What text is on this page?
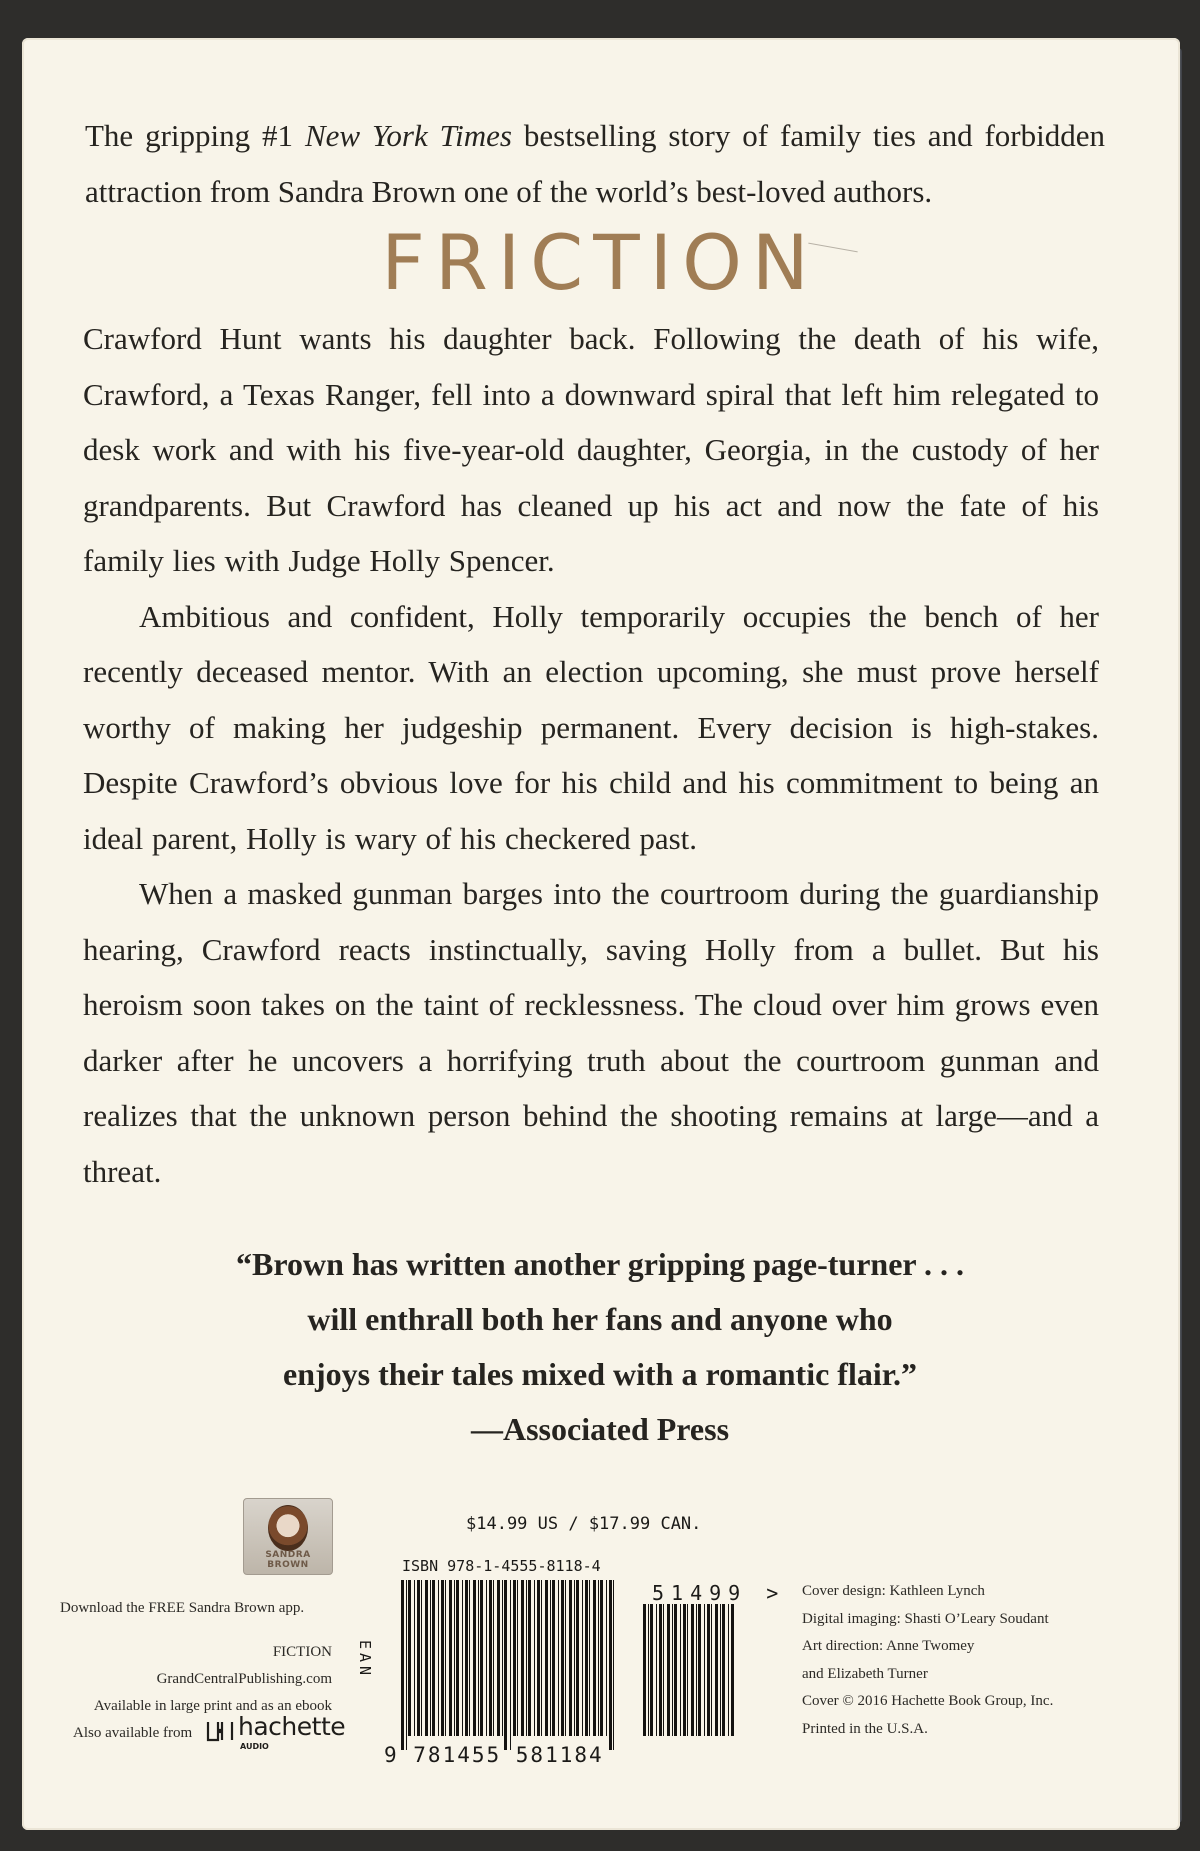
The gripping #1 New York Times bestselling story of family ties and forbidden attraction from Sandra Brown one of the world’s best-loved authors.

FRICTION

Crawford Hunt wants his daughter back. Following the death of his wife, Crawford, a Texas Ranger, fell into a downward spiral that left him relegated to desk work and with his five-year-old daughter, Georgia, in the custody of her grandparents. But Crawford has cleaned up his act and now the fate of his family lies with Judge Holly Spencer.

Ambitious and confident, Holly temporarily occupies the bench of her recently deceased mentor. With an election upcoming, she must prove herself worthy of making her judgeship permanent. Every decision is high-stakes. Despite Crawford’s obvious love for his child and his commitment to being an ideal parent, Holly is wary of his checkered past.

When a masked gunman barges into the courtroom during the guardianship hearing, Crawford reacts instinctually, saving Holly from a bullet. But his heroism soon takes on the taint of recklessness. The cloud over him grows even darker after he uncovers a horrifying truth about the courtroom gunman and realizes that the unknown person behind the shooting remains at large—and a threat.

“Brown has written another gripping page-turner . . .
will enthrall both her fans and anyone who
enjoys their tales mixed with a romantic flair.”
—Associated Press
SANDRA BROWN

Download the FREE Sandra Brown app.

FICTION

GrandCentralPublishing.com

Available in large print and as an ebook

Also available from hachette
AUDIO
$14.99 US / $17.99 CAN.
ISBN 978-1-4555-8118-4
EAN
9 781455 581184
51499 > Cover design: Kathleen Lynch
Digital imaging: Shasti O’Leary Soudant
Art direction: Anne Twomey
and Elizabeth Turner
Cover © 2016 Hachette Book Group, Inc.
Printed in the U.S.A.
